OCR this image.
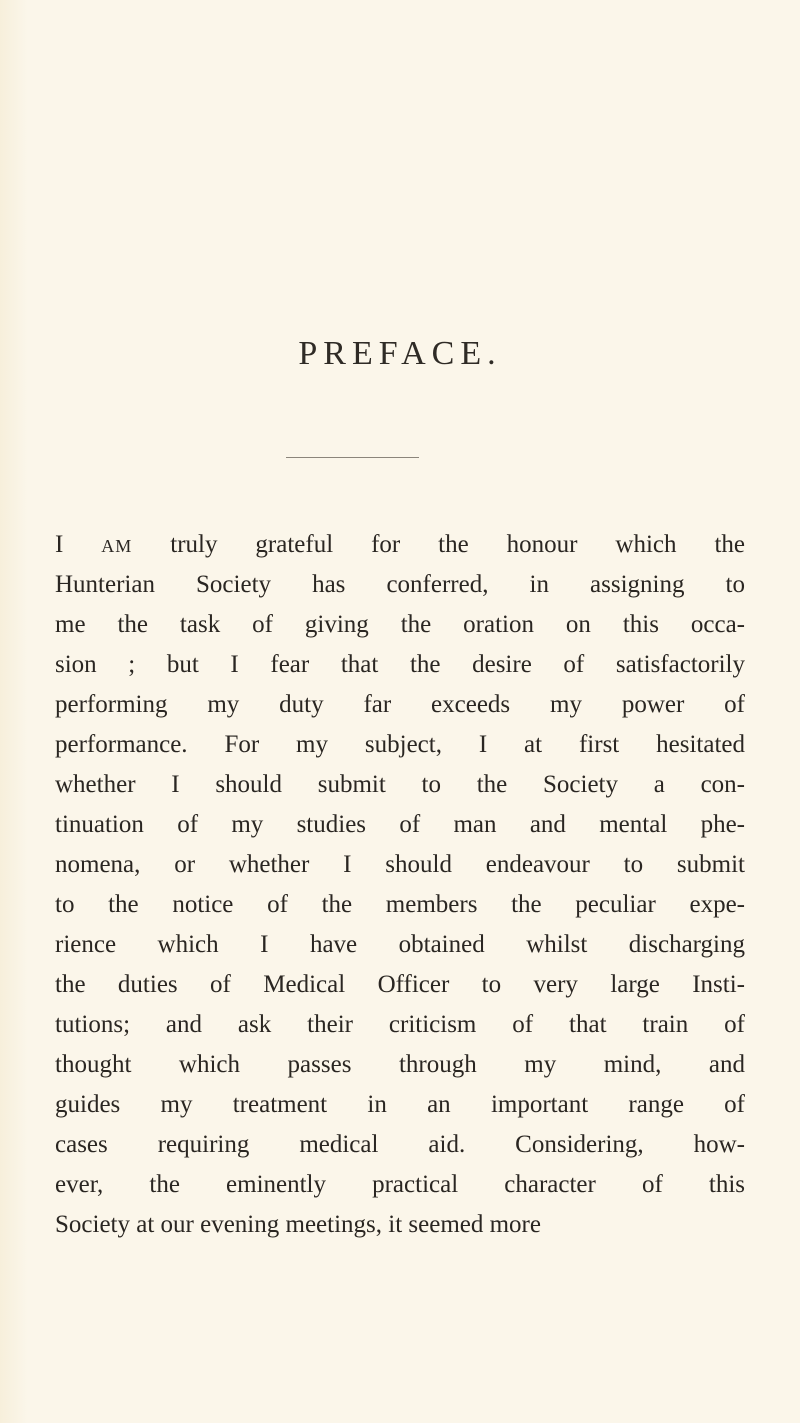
PREFACE.
I am truly grateful for the honour which the
Hunterian Society has conferred, in assigning to
me the task of giving the oration on this occa-
sion ; but I fear that the desire of satisfactorily
performing my duty far exceeds my power of
performance. For my subject, I at first hesitated
whether I should submit to the Society a con-
tinuation of my studies of man and mental phe-
nomena, or whether I should endeavour to submit
to the notice of the members the peculiar expe-
rience which I have obtained whilst discharging
the duties of Medical Officer to very large Insti-
tutions; and ask their criticism of that train of
thought which passes through my mind, and
guides my treatment in an important range of
cases requiring medical aid. Considering, how-
ever, the eminently practical character of this
Society at our evening meetings, it seemed more
